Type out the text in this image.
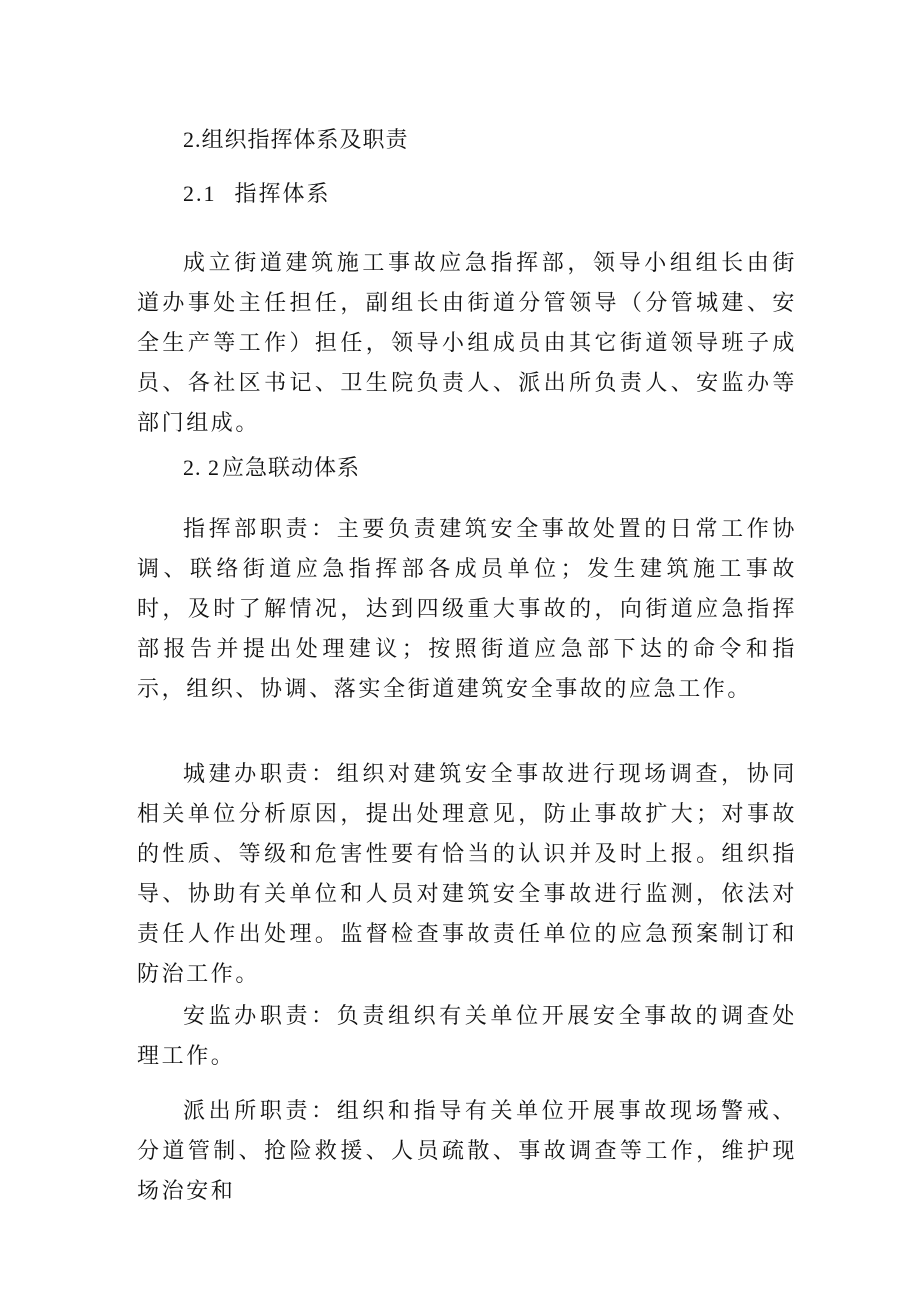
2.组织指挥体系及职责

2.1 指挥体系

成立街道建筑施工事故应急指挥部，领导小组组长由街道办事处主任担任，副组长由街道分管领导（分管城建、安全生产等工作）担任，领导小组成员由其它街道领导班子成员、各社区书记、卫生院负责人、派出所负责人、安监办等部门组成。

2. 2应急联动体系

指挥部职责：主要负责建筑安全事故处置的日常工作协调、联络街道应急指挥部各成员单位；发生建筑施工事故时，及时了解情况，达到四级重大事故的，向街道应急指挥部报告并提出处理建议；按照街道应急部下达的命令和指示，组织、协调、落实全街道建筑安全事故的应急工作。

城建办职责：组织对建筑安全事故进行现场调查，协同相关单位分析原因，提出处理意见，防止事故扩大；对事故的性质、等级和危害性要有恰当的认识并及时上报。组织指导、协助有关单位和人员对建筑安全事故进行监测，依法对责任人作出处理。监督检查事故责任单位的应急预案制订和防治工作。

安监办职责：负责组织有关单位开展安全事故的调查处理工作。

派出所职责：组织和指导有关单位开展事故现场警戒、分道管制、抢险救援、人员疏散、事故调查等工作，维护现场治安和
